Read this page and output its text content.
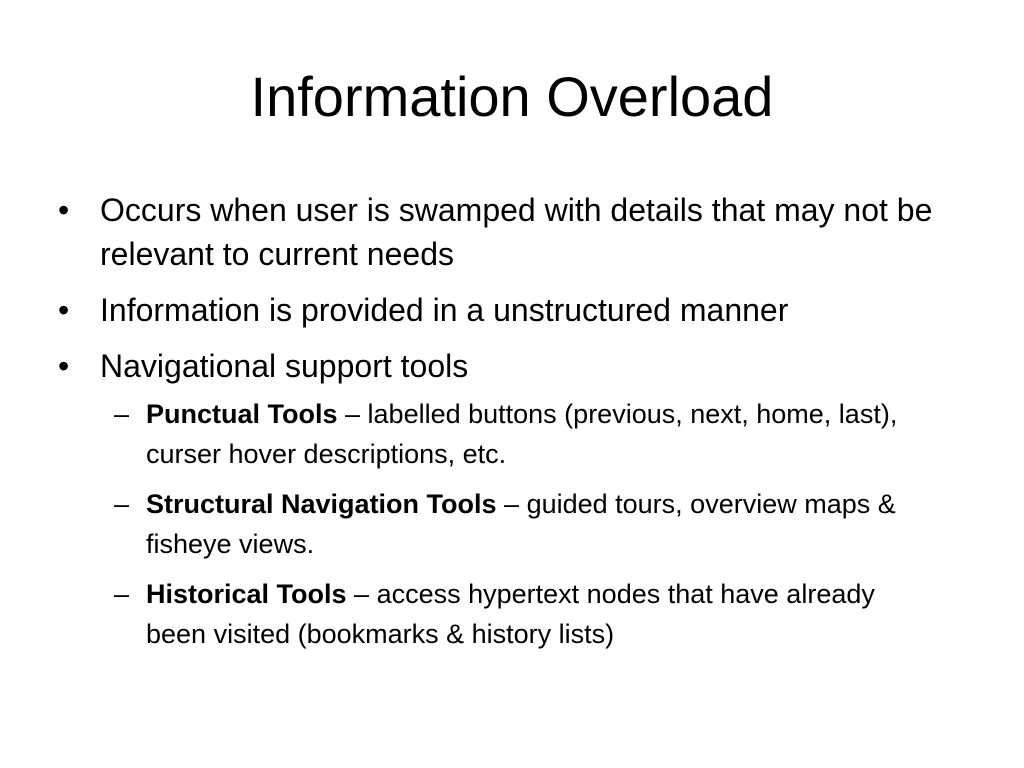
Information Overload
• Occurs when user is swamped with details that may not be relevant to current needs
• Information is provided in a unstructured manner
• Navigational support tools
– Punctual Tools – labelled buttons (previous, next, home, last), curser hover descriptions, etc.
– Structural Navigation Tools – guided tours, overview maps & fisheye views.
– Historical Tools – access hypertext nodes that have already been visited (bookmarks & history lists)
